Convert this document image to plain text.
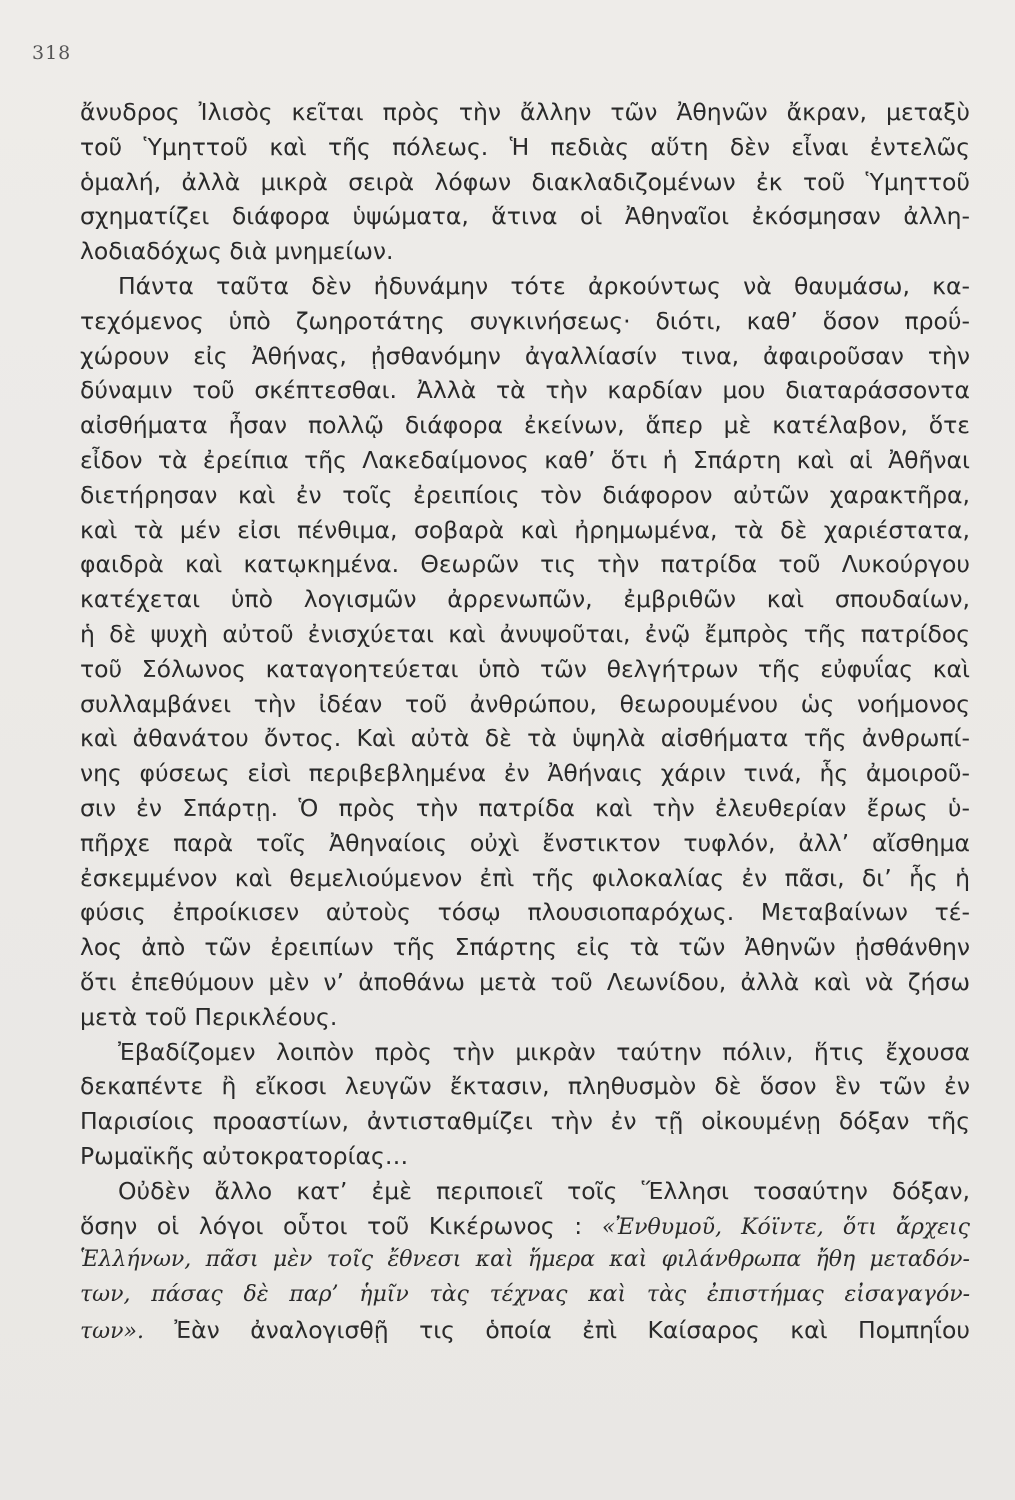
318
ἄνυδρος Ἰλισὸς κεῖται πρὸς τὴν ἄλλην τῶν Ἀθηνῶν ἄκραν, μεταξὺ
τοῦ Ὑμηττοῦ καὶ τῆς πόλεως. Ἡ πεδιὰς αὕτη δὲν εἶναι ἐντελῶς
ὁμαλή, ἀλλὰ μικρὰ σειρὰ λόφων διακλαδιζομένων ἐκ τοῦ Ὑμηττοῦ
σχηματίζει διάφορα ὑψώματα, ἅτινα οἱ Ἀθηναῖοι ἐκόσμησαν ἀλλη-
λοδιαδόχως διὰ μνημείων.
Πάντα ταῦτα δὲν ἠδυνάμην τότε ἀρκούντως νὰ θαυμάσω, κα-
τεχόμενος ὑπὸ ζωηροτάτης συγκινήσεως· διότι, καθ’ ὅσον προΰ-
χώρουν εἰς Ἀθήνας, ᾐσθανόμην ἀγαλλίασίν τινα, ἀφαιροῦσαν τὴν
δύναμιν τοῦ σκέπτεσθαι. Ἀλλὰ τὰ τὴν καρδίαν μου διαταράσσοντα
αἰσθήματα ἦσαν πολλῷ διάφορα ἐκείνων, ἅπερ μὲ κατέλαβον, ὅτε
εἶδον τὰ ἐρείπια τῆς Λακεδαίμονος καθ’ ὅτι ἡ Σπάρτη καὶ αἱ Ἀθῆναι
διετήρησαν καὶ ἐν τοῖς ἐρειπίοις τὸν διάφορον αὐτῶν χαρακτῆρα,
καὶ τὰ μέν εἰσι πένθιμα, σοβαρὰ καὶ ἠρημωμένα, τὰ δὲ χαριέστατα,
φαιδρὰ καὶ κατῳκημένα. Θεωρῶν τις τὴν πατρίδα τοῦ Λυκούργου
κατέχεται ὑπὸ λογισμῶν ἀρρενωπῶν, ἐμβριθῶν καὶ σπουδαίων,
ἡ δὲ ψυχὴ αὐτοῦ ἐνισχύεται καὶ ἀνυψοῦται, ἐνῷ ἔμπρὸς τῆς πατρίδος
τοῦ Σόλωνος καταγοητεύεται ὑπὸ τῶν θελγήτρων τῆς εὐφυΐας καὶ
συλλαμβάνει τὴν ἰδέαν τοῦ ἀνθρώπου, θεωρουμένου ὡς νοήμονος
καὶ ἀθανάτου ὄντος. Καὶ αὐτὰ δὲ τὰ ὑψηλὰ αἰσθήματα τῆς ἀνθρωπί-
νης φύσεως εἰσὶ περιβεβλημένα ἐν Ἀθήναις χάριν τινά, ἧς ἀμοιροῦ-
σιν ἐν Σπάρτῃ. Ὁ πρὸς τὴν πατρίδα καὶ τὴν ἐλευθερίαν ἔρως ὑ-
πῆρχε παρὰ τοῖς Ἀθηναίοις οὐχὶ ἔνστικτον τυφλόν, ἀλλ’ αἴσθημα
ἐσκεμμένον καὶ θεμελιούμενον ἐπὶ τῆς φιλοκαλίας ἐν πᾶσι, δι’ ἧς ἡ
φύσις ἐπροίκισεν αὐτοὺς τόσῳ πλουσιοπαρόχως. Μεταβαίνων τέ-
λος ἀπὸ τῶν ἐρειπίων τῆς Σπάρτης εἰς τὰ τῶν Ἀθηνῶν ᾐσθάνθην
ὅτι ἐπεθύμουν μὲν ν’ ἀποθάνω μετὰ τοῦ Λεωνίδου, ἀλλὰ καὶ νὰ ζήσω
μετὰ τοῦ Περικλέους.
Ἐβαδίζομεν λοιπὸν πρὸς τὴν μικρὰν ταύτην πόλιν, ἥτις ἔχουσα
δεκαπέντε ἢ εἴκοσι λευγῶν ἔκτασιν, πληθυσμὸν δὲ ὅσον ἓν τῶν ἐν
Παρισίοις προαστίων, ἀντισταθμίζει τὴν ἐν τῇ οἰκουμένῃ δόξαν τῆς
Ρωμαϊκῆς αὐτοκρατορίας…
Οὐδὲν ἄλλο κατ’ ἐμὲ περιποιεῖ τοῖς Ἕλλησι τοσαύτην δόξαν,
ὅσην οἱ λόγοι οὗτοι τοῦ Κικέρωνος : «Ἐνθυμοῦ, Κόϊντε, ὅτι ἄρχεις
Ἑλλήνων, πᾶσι μὲν τοῖς ἔθνεσι καὶ ἥμερα καὶ φιλάνθρωπα ἤθη μεταδόν-
των, πάσας δὲ παρ’ ἡμῖν τὰς τέχνας καὶ τὰς ἐπιστήμας εἰσαγαγόν-
των». Ἐὰν ἀναλογισθῇ τις ὁποία ἐπὶ Καίσαρος καὶ Πομπηΐου
